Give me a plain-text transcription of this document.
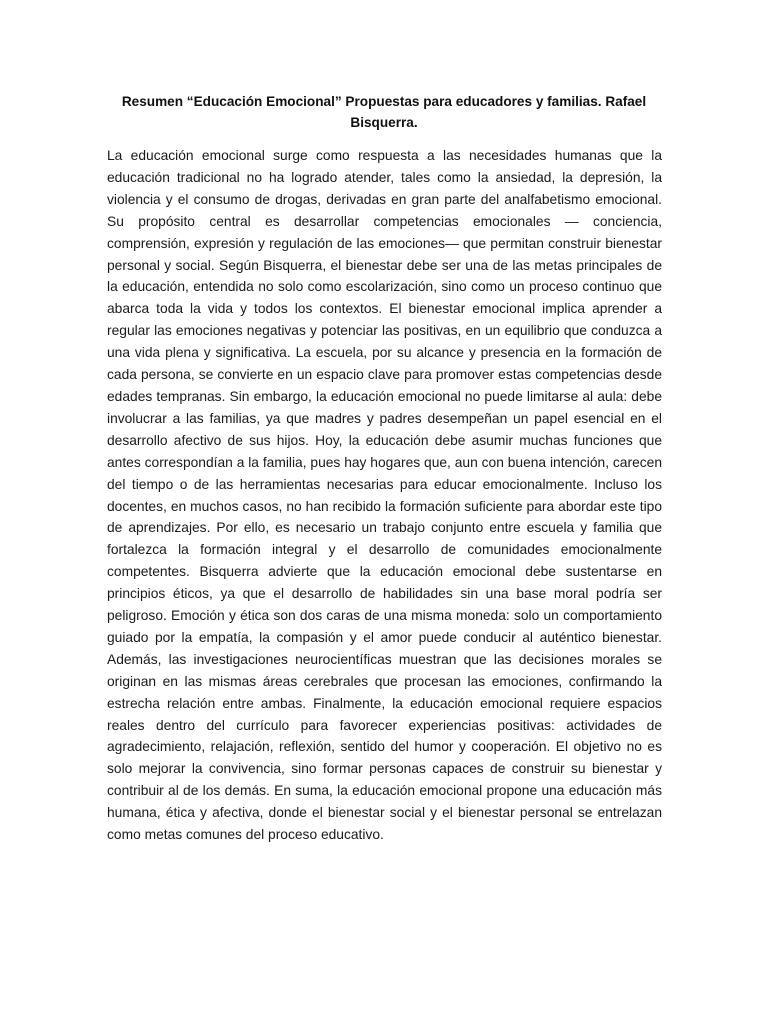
Resumen “Educación Emocional” Propuestas para educadores y familias. Rafael Bisquerra.

La educación emocional surge como respuesta a las necesidades humanas que la educación tradicional no ha logrado atender, tales como la ansiedad, la depresión, la violencia y el consumo de drogas, derivadas en gran parte del analfabetismo emocional. Su propósito central es desarrollar competencias emocionales — conciencia, comprensión, expresión y regulación de las emociones— que permitan construir bienestar personal y social. Según Bisquerra, el bienestar debe ser una de las metas principales de la educación, entendida no solo como escolarización, sino como un proceso continuo que abarca toda la vida y todos los contextos. El bienestar emocional implica aprender a regular las emociones negativas y potenciar las positivas, en un equilibrio que conduzca a una vida plena y significativa. La escuela, por su alcance y presencia en la formación de cada persona, se convierte en un espacio clave para promover estas competencias desde edades tempranas. Sin embargo, la educación emocional no puede limitarse al aula: debe involucrar a las familias, ya que madres y padres desempeñan un papel esencial en el desarrollo afectivo de sus hijos. Hoy, la educación debe asumir muchas funciones que antes correspondían a la familia, pues hay hogares que, aun con buena intención, carecen del tiempo o de las herramientas necesarias para educar emocionalmente. Incluso los docentes, en muchos casos, no han recibido la formación suficiente para abordar este tipo de aprendizajes. Por ello, es necesario un trabajo conjunto entre escuela y familia que fortalezca la formación integral y el desarrollo de comunidades emocionalmente competentes. Bisquerra advierte que la educación emocional debe sustentarse en principios éticos, ya que el desarrollo de habilidades sin una base moral podría ser peligroso. Emoción y ética son dos caras de una misma moneda: solo un comportamiento guiado por la empatía, la compasión y el amor puede conducir al auténtico bienestar. Además, las investigaciones neurocientíficas muestran que las decisiones morales se originan en las mismas áreas cerebrales que procesan las emociones, confirmando la estrecha relación entre ambas. Finalmente, la educación emocional requiere espacios reales dentro del currículo para favorecer experiencias positivas: actividades de agradecimiento, relajación, reflexión, sentido del humor y cooperación. El objetivo no es solo mejorar la convivencia, sino formar personas capaces de construir su bienestar y contribuir al de los demás. En suma, la educación emocional propone una educación más humana, ética y afectiva, donde el bienestar social y el bienestar personal se entrelazan como metas comunes del proceso educativo.
